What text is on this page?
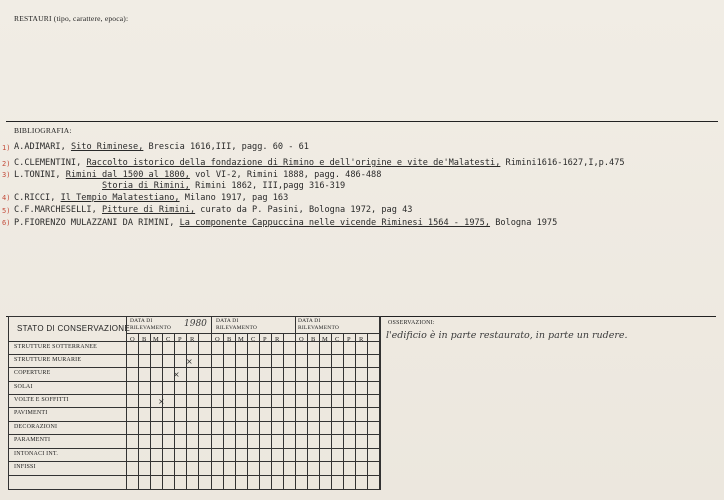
RESTAURI (tipo, carattere, epoca):
BIBLIOGRAFIA:
1) A.ADIMARI, Sito Riminese, Brescia 1616,III, pagg. 60 - 61
2) C.CLEMENTINI, Raccolto istorico della fondazione di Rimino e dell'origine e vite de'Malatesti, Rimini1616-1627,I,p.475
3) L.TONINI, Rimini dal 1500 al 1800, vol VI-2, Rimini 1888, pagg. 486-488
Storia di Rimini, Rimini 1862, III,pagg 316-319
4) C.RICCI, Il Tempio Malatestiano, Milano 1917, pag 163
5) C.F.MARCHESELLI, Pitture di Rimini, curato da P. Pasini, Bologna 1972, pag 43
6) P.FIORENZO MULAZZANI DA RIMINI, La componente Cappuccina nelle vicende Riminesi 1564 - 1975, Bologna 1975
STATO DI CONSERVAZIONE
DATA DI
RILEVAMENTO 1980 DATA DI
RILEVAMENTO
DATA DI
RILEVAMENTO
O B M C P R	O B M C P R	O B M C P R
STRUTTURE SOTTERRANEE
STRUTTURE MURARIE
COPERTURE
SOLAI
VOLTE E SOFFITTI
PAVIMENTI
DECORAZIONI
PARAMENTI
INTONACI INT.
INFISSI
×
×
×
OSSERVAZIONI:
l'edificio è in parte restaurato, in parte un rudere.
